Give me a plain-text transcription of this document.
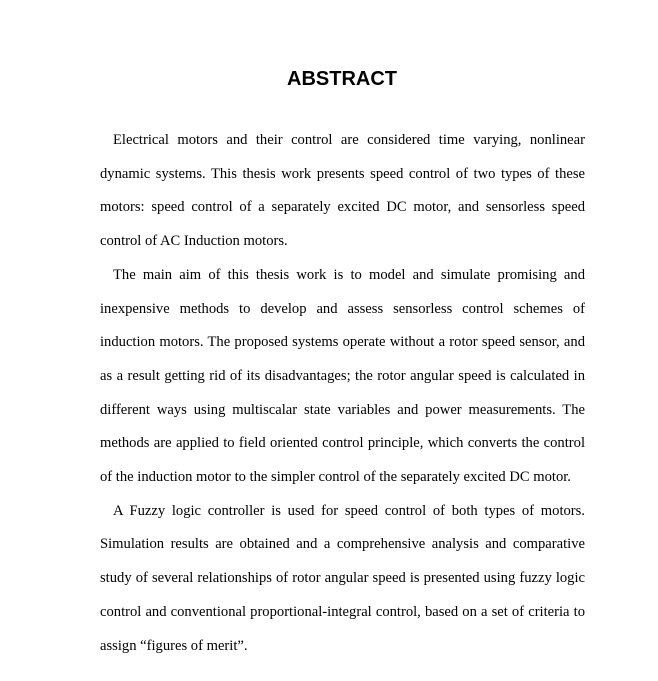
ABSTRACT

Electrical motors and their control are considered time varying, nonlinear dynamic systems. This thesis work presents speed control of two types of these motors: speed control of a separately excited DC motor, and sensorless speed control of AC Induction motors.

The main aim of this thesis work is to model and simulate promising and inexpensive methods to develop and assess sensorless control schemes of induction motors. The proposed systems operate without a rotor speed sensor, and as a result getting rid of its disadvantages; the rotor angular speed is calculated in different ways using multiscalar state variables and power measurements. The methods are applied to field oriented control principle, which converts the control of the induction motor to the simpler control of the separately excited DC motor.

A Fuzzy logic controller is used for speed control of both types of motors. Simulation results are obtained and a comprehensive analysis and comparative study of several relationships of rotor angular speed is presented using fuzzy logic control and conventional proportional-integral control, based on a set of criteria to assign “figures of merit”.
